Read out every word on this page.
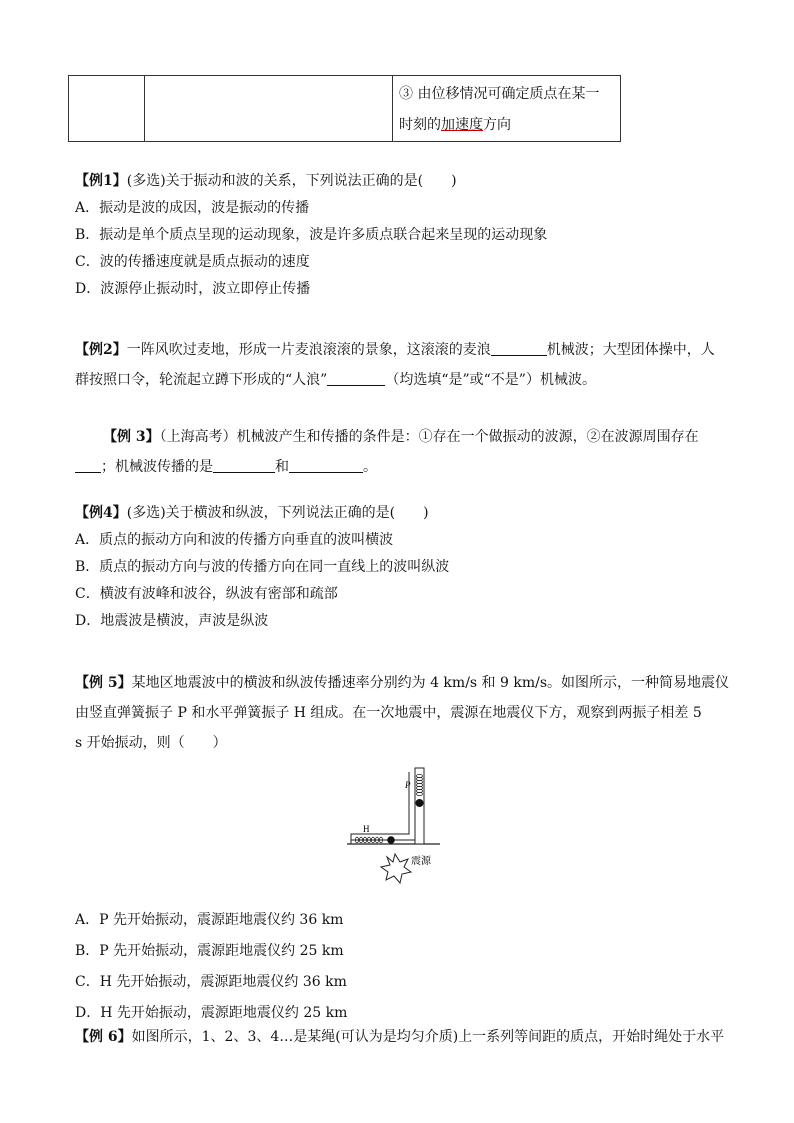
③ 由位移情况可确定质点在某一
时刻的加速度方向

【例1】(多选)关于振动和波的关系，下列说法正确的是(　　)

A．振动是波的成因，波是振动的传播

B．振动是单个质点呈现的运动现象，波是许多质点联合起来呈现的运动现象

C．波的传播速度就是质点振动的速度

D．波源停止振动时，波立即停止传播

【例2】一阵风吹过麦地，形成一片麦浪滚滚的景象，这滚滚的麦浪	机械波；大型团体操中，人

群按照口令，轮流起立蹲下形成的“人浪”	（均选填“是”或“不是”）机械波。

【例 3】（上海高考）机械波产生和传播的条件是：①存在一个做振动的波源，②在波源周围存在

；机械波传播的是	和	。

【例4】(多选)关于横波和纵波，下列说法正确的是(　　)

A．质点的振动方向和波的传播方向垂直的波叫横波

B．质点的振动方向与波的传播方向在同一直线上的波叫纵波

C．横波有波峰和波谷，纵波有密部和疏部

D．地震波是横波，声波是纵波

【例 5】某地区地震波中的横波和纵波传播速率分别约为 4 km/s 和 9 km/s。如图所示，一种简易地震仪

由竖直弹簧振子 P 和水平弹簧振子 H 组成。在一次地震中，震源在地震仪下方，观察到两振子相差 5

s 开始振动，则（　　）

P
H
震源

A．P 先开始振动，震源距地震仪约 36 km

B．P 先开始振动，震源距地震仪约 25 km

C．H 先开始振动，震源距地震仪约 36 km

D．H 先开始振动，震源距地震仪约 25 km

【例 6】如图所示，1、2、3、4…是某绳(可认为是均匀介质)上一系列等间距的质点，开始时绳处于水平
